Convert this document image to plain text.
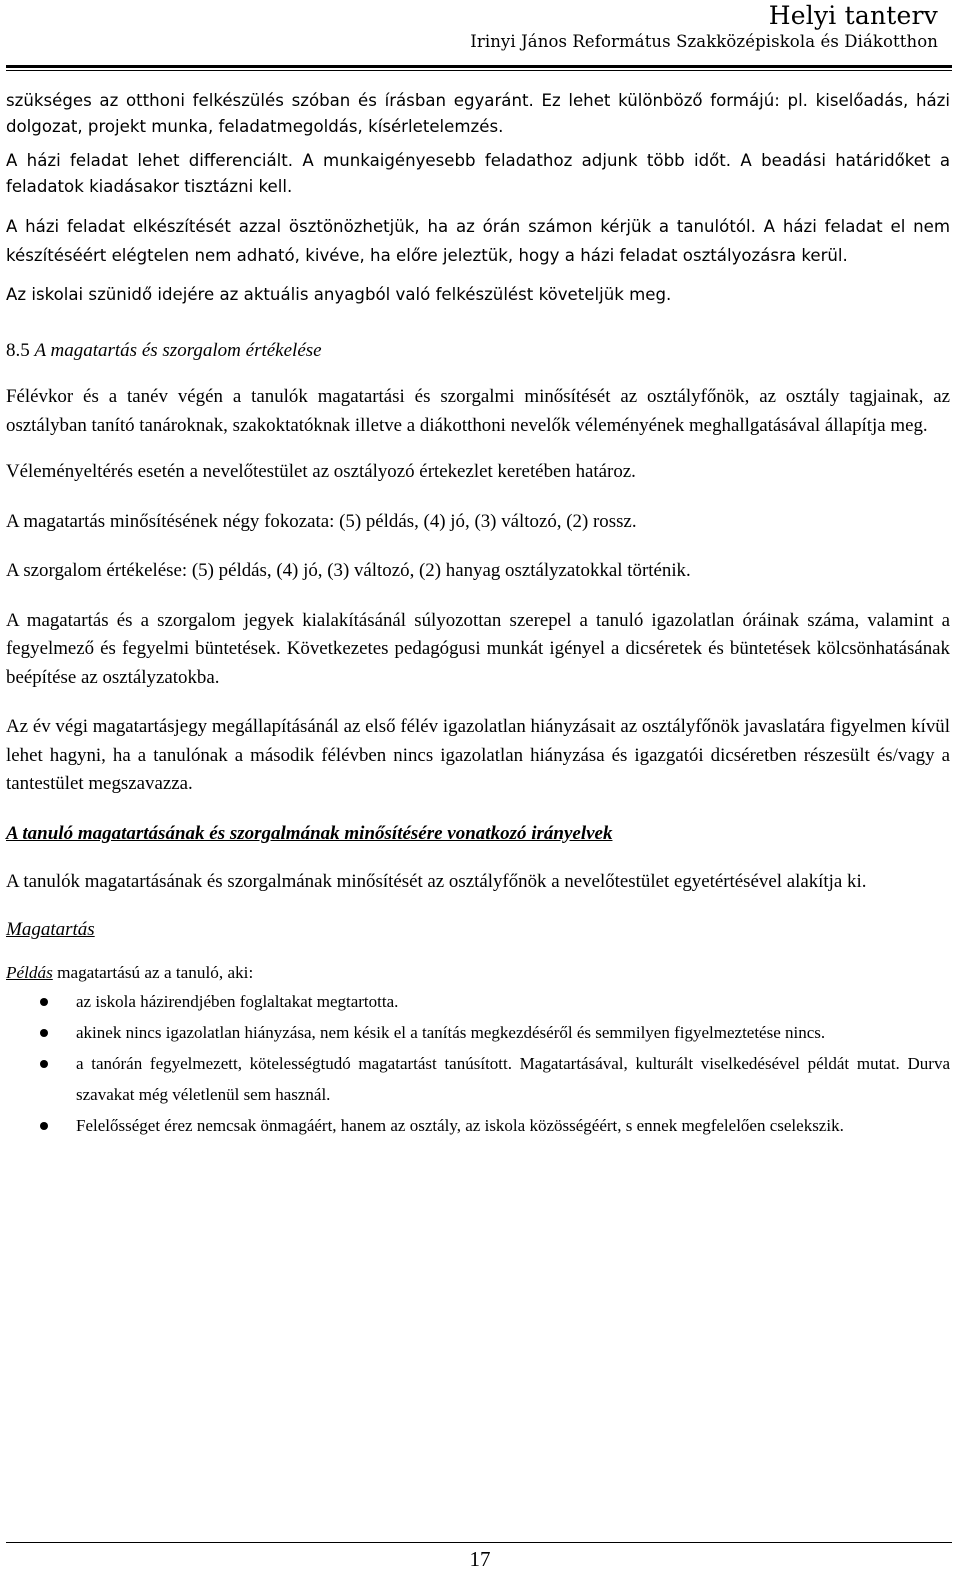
Helyi tanterv
Irinyi János Református Szakközépiskola és Diákotthon

szükséges az otthoni felkészülés szóban és írásban egyaránt. Ez lehet különböző formájú: pl. kiselőadás, házi dolgozat, projekt munka, feladatmegoldás, kísérletelemzés.

A házi feladat lehet differenciált. A munkaigényesebb feladathoz adjunk több időt. A beadási határidőket a feladatok kiadásakor tisztázni kell.

A házi feladat elkészítését azzal ösztönözhetjük, ha az órán számon kérjük a tanulótól. A házi feladat el nem készítéséért elégtelen nem adható, kivéve, ha előre jeleztük, hogy a házi feladat osztályozásra kerül.

Az iskolai szünidő idejére az aktuális anyagból való felkészülést követeljük meg.

8.5 A magatartás és szorgalom értékelése

Félévkor és a tanév végén a tanulók magatartási és szorgalmi minősítését az osztályfőnök, az osztály tagjainak, az osztályban tanító tanároknak, szakoktatóknak illetve a diákotthoni nevelők véleményének meghallgatásával állapítja meg.

Véleményeltérés esetén a nevelőtestület az osztályozó értekezlet keretében határoz.

A magatartás minősítésének négy fokozata: (5) példás, (4) jó, (3) változó, (2) rossz.

A szorgalom értékelése: (5) példás, (4) jó, (3) változó, (2) hanyag osztályzatokkal történik.

A magatartás és a szorgalom jegyek kialakításánál súlyozottan szerepel a tanuló igazolatlan óráinak száma, valamint a fegyelmező és fegyelmi büntetések. Következetes pedagógusi munkát igényel a dicséretek és büntetések kölcsönhatásának beépítése az osztályzatokba.

Az év végi magatartásjegy megállapításánál az első félév igazolatlan hiányzásait az osztályfőnök javaslatára figyelmen kívül lehet hagyni, ha a tanulónak a második félévben nincs igazolatlan hiányzása és igazgatói dicséretben részesült és/vagy a tantestület megszavazza.

A tanuló magatartásának és szorgalmának minősítésére vonatkozó irányelvek

A tanulók magatartásának és szorgalmának minősítését az osztályfőnök a nevelőtestület egyetértésével alakítja ki.

Magatartás

Példás magatartású az a tanuló, aki:

az iskola házirendjében foglaltakat megtartotta.
akinek nincs igazolatlan hiányzása, nem késik el a tanítás megkezdéséről és semmilyen figyelmeztetése nincs.
a tanórán fegyelmezett, kötelességtudó magatartást tanúsított. Magatartásával, kulturált viselkedésével példát mutat. Durva szavakat még véletlenül sem használ.
Felelősséget érez nemcsak önmagáért, hanem az osztály, az iskola közösségéért, s ennek megfelelően cselekszik.
17
